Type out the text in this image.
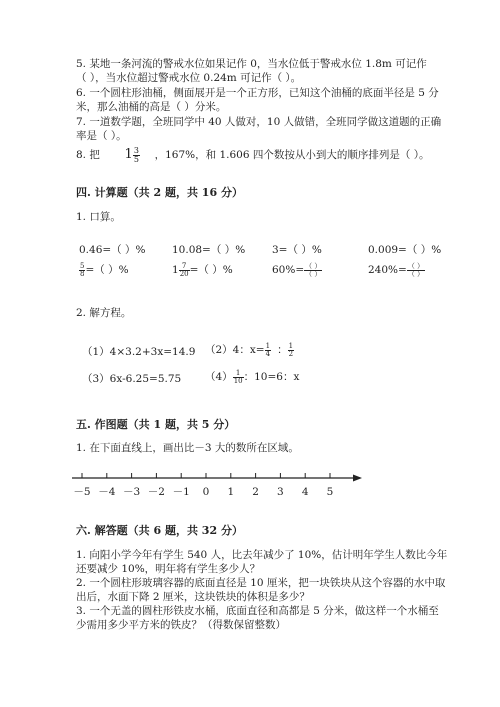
5. 某地一条河流的警戒水位如果记作 0，当水位低于警戒水位 1.8m 可记作
（ ），当水位超过警戒水位 0.24m 可记作（ ）。
6. 一个圆柱形油桶，侧面展开是一个正方形，已知这个油桶的底面半径是 5 分
米，那么油桶的高是（ ）分米。
7. 一道数学题，全班同学中 40 人做对，10 人做错，全班同学做这道题的正确
率是（ ）。
8. 把 $1 \frac{3}{5}$ ，167%，和 1.606 四个数按从小到大的顺序排列是（ ）。
四. 计算题（共 2 题，共 16 分）
1. 口算。
0.46=（ ）%	10.08=（ ）%	3=（ ）%	0.009=（ ）%
$\frac{5}{8}$ =（ ）%	$1 \frac{7}{20}$ =（ ）%	$60\%= \frac{( )}{( )}$	$240\%= \frac{( )}{( )}$
2. 解方程。
（1）4×3.2+3x=14.9 （2）4：$x= \frac{1}{4}$ ： $\frac{1}{2}$
（3）6x-6.25=5.75 $(4) \frac{1}{10}$ ：10=6：x
五. 作图题（共 1 题，共 5 分）
1. 在下面直线上，画出比－3 大的数所在区域。
－5 －4 －3 －2 －1 0 1 2 3 4 5
六. 解答题（共 6 题，共 32 分）
1. 向阳小学今年有学生 540 人，比去年减少了 10%，估计明年学生人数比今年
还要减少 10%，明年将有学生多少人？
2. 一个圆柱形玻璃容器的底面直径是 10 厘米，把一块铁块从这个容器的水中取
出后，水面下降 2 厘米，这块铁块的体积是多少？
3. 一个无盖的圆柱形铁皮水桶，底面直径和高都是 5 分米，做这样一个水桶至
少需用多少平方米的铁皮？（得数保留整数）
